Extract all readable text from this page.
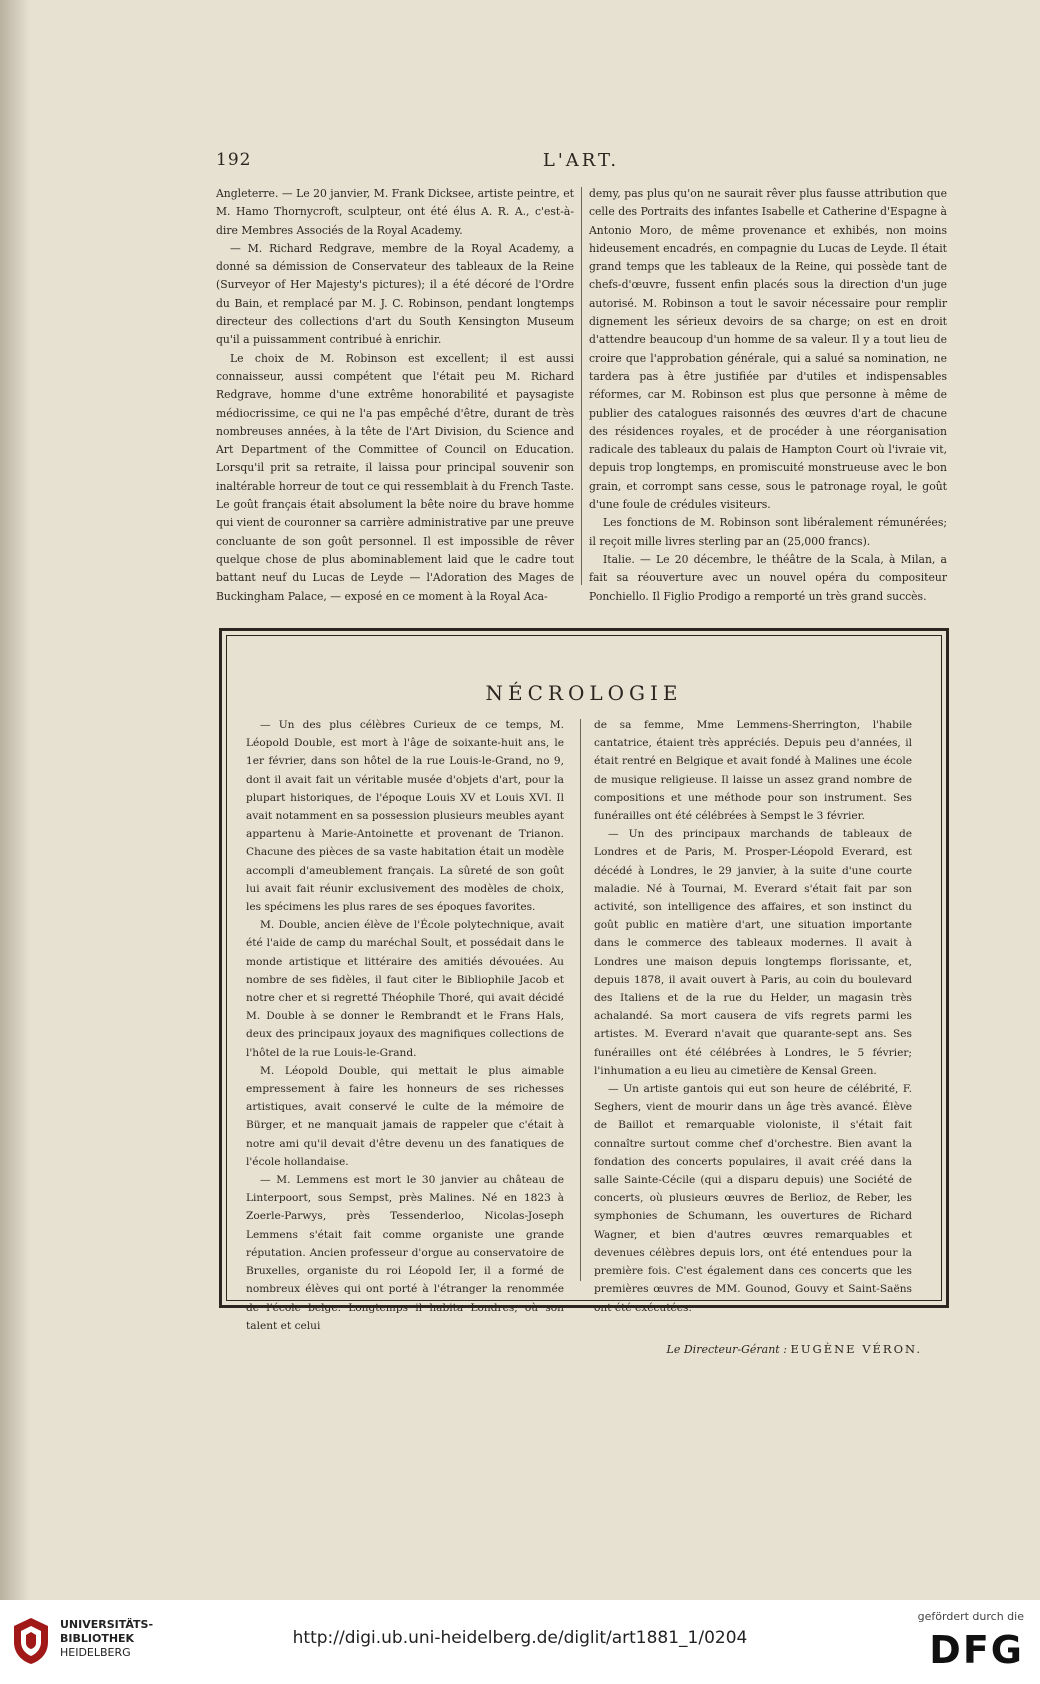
192	L'ART.

Angleterre. — Le 20 janvier, M. Frank Dicksee, artiste peintre, et M. Hamo Thornycroft, sculpteur, ont été élus A. R. A., c'est-à-dire Membres Associés de la Royal Academy.

— M. Richard Redgrave, membre de la Royal Academy, a donné sa démission de Conservateur des tableaux de la Reine (Surveyor of Her Majesty's pictures); il a été décoré de l'Ordre du Bain, et remplacé par M. J. C. Robinson, pendant longtemps directeur des collections d'art du South Kensington Museum qu'il a puissamment contribué à enrichir.

Le choix de M. Robinson est excellent; il est aussi connaisseur, aussi compétent que l'était peu M. Richard Redgrave, homme d'une extrême honorabilité et paysagiste médiocrissime, ce qui ne l'a pas empêché d'être, durant de très nombreuses années, à la tête de l'Art Division, du Science and Art Department of the Committee of Council on Education. Lorsqu'il prit sa retraite, il laissa pour principal souvenir son inaltérable horreur de tout ce qui ressemblait à du French Taste. Le goût français était absolument la bête noire du brave homme qui vient de couronner sa carrière administrative par une preuve concluante de son goût personnel. Il est impossible de rêver quelque chose de plus abominablement laid que le cadre tout battant neuf du Lucas de Leyde — l'Adoration des Mages de Buckingham Palace, — exposé en ce moment à la Royal Aca-

demy, pas plus qu'on ne saurait rêver plus fausse attribution que celle des Portraits des infantes Isabelle et Catherine d'Espagne à Antonio Moro, de même provenance et exhibés, non moins hideusement encadrés, en compagnie du Lucas de Leyde. Il était grand temps que les tableaux de la Reine, qui possède tant de chefs-d'œuvre, fussent enfin placés sous la direction d'un juge autorisé. M. Robinson a tout le savoir nécessaire pour remplir dignement les sérieux devoirs de sa charge; on est en droit d'attendre beaucoup d'un homme de sa valeur. Il y a tout lieu de croire que l'approbation générale, qui a salué sa nomination, ne tardera pas à être justifiée par d'utiles et indispensables réformes, car M. Robinson est plus que personne à même de publier des catalogues raisonnés des œuvres d'art de chacune des résidences royales, et de procéder à une réorganisation radicale des tableaux du palais de Hampton Court où l'ivraie vit, depuis trop longtemps, en promiscuité monstrueuse avec le bon grain, et corrompt sans cesse, sous le patronage royal, le goût d'une foule de crédules visiteurs.

Les fonctions de M. Robinson sont libéralement rémunérées; il reçoit mille livres sterling par an (25,000 francs).

Italie. — Le 20 décembre, le théâtre de la Scala, à Milan, a fait sa réouverture avec un nouvel opéra du compositeur Ponchiello. Il Figlio Prodigo a remporté un très grand succès.

NÉCROLOGIE

— Un des plus célèbres Curieux de ce temps, M. Léopold Double, est mort à l'âge de soixante-huit ans, le 1er février, dans son hôtel de la rue Louis-le-Grand, no 9, dont il avait fait un véritable musée d'objets d'art, pour la plupart historiques, de l'époque Louis XV et Louis XVI. Il avait notamment en sa possession plusieurs meubles ayant appartenu à Marie-Antoinette et provenant de Trianon. Chacune des pièces de sa vaste habitation était un modèle accompli d'ameublement français. La sûreté de son goût lui avait fait réunir exclusivement des modèles de choix, les spécimens les plus rares de ses époques favorites.

M. Double, ancien élève de l'École polytechnique, avait été l'aide de camp du maréchal Soult, et possédait dans le monde artistique et littéraire des amitiés dévouées. Au nombre de ses fidèles, il faut citer le Bibliophile Jacob et notre cher et si regretté Théophile Thoré, qui avait décidé M. Double à se donner le Rembrandt et le Frans Hals, deux des principaux joyaux des magnifiques collections de l'hôtel de la rue Louis-le-Grand.

M. Léopold Double, qui mettait le plus aimable empressement à faire les honneurs de ses richesses artistiques, avait conservé le culte de la mémoire de Bürger, et ne manquait jamais de rappeler que c'était à notre ami qu'il devait d'être devenu un des fanatiques de l'école hollandaise.

— M. Lemmens est mort le 30 janvier au château de Linterpoort, sous Sempst, près Malines. Né en 1823 à Zoerle-Parwys, près Tessenderloo, Nicolas-Joseph Lemmens s'était fait comme organiste une grande réputation. Ancien professeur d'orgue au conservatoire de Bruxelles, organiste du roi Léopold Ier, il a formé de nombreux élèves qui ont porté à l'étranger la renommée de l'école belge. Longtemps il habita Londres, où son talent et celui

de sa femme, Mme Lemmens-Sherrington, l'habile cantatrice, étaient très appréciés. Depuis peu d'années, il était rentré en Belgique et avait fondé à Malines une école de musique religieuse. Il laisse un assez grand nombre de compositions et une méthode pour son instrument. Ses funérailles ont été célébrées à Sempst le 3 février.

— Un des principaux marchands de tableaux de Londres et de Paris, M. Prosper-Léopold Everard, est décédé à Londres, le 29 janvier, à la suite d'une courte maladie. Né à Tournai, M. Everard s'était fait par son activité, son intelligence des affaires, et son instinct du goût public en matière d'art, une situation importante dans le commerce des tableaux modernes. Il avait à Londres une maison depuis longtemps florissante, et, depuis 1878, il avait ouvert à Paris, au coin du boulevard des Italiens et de la rue du Helder, un magasin très achalandé. Sa mort causera de vifs regrets parmi les artistes. M. Everard n'avait que quarante-sept ans. Ses funérailles ont été célébrées à Londres, le 5 février; l'inhumation a eu lieu au cimetière de Kensal Green.

— Un artiste gantois qui eut son heure de célébrité, F. Seghers, vient de mourir dans un âge très avancé. Élève de Baillot et remarquable violoniste, il s'était fait connaître surtout comme chef d'orchestre. Bien avant la fondation des concerts populaires, il avait créé dans la salle Sainte-Cécile (qui a disparu depuis) une Société de concerts, où plusieurs œuvres de Berlioz, de Reber, les symphonies de Schumann, les ouvertures de Richard Wagner, et bien d'autres œuvres remarquables et devenues célèbres depuis lors, ont été entendues pour la première fois. C'est également dans ces concerts que les premières œuvres de MM. Gounod, Gouvy et Saint-Saëns ont été exécutées.

Le Directeur-Gérant : EUGÈNE VÉRON.
UNIVERSITÄTS-
BIBLIOTHEK
HEIDELBERG
http://digi.ub.uni-heidelberg.de/diglit/art1881_1/0204
gefördert durch die
DFG
